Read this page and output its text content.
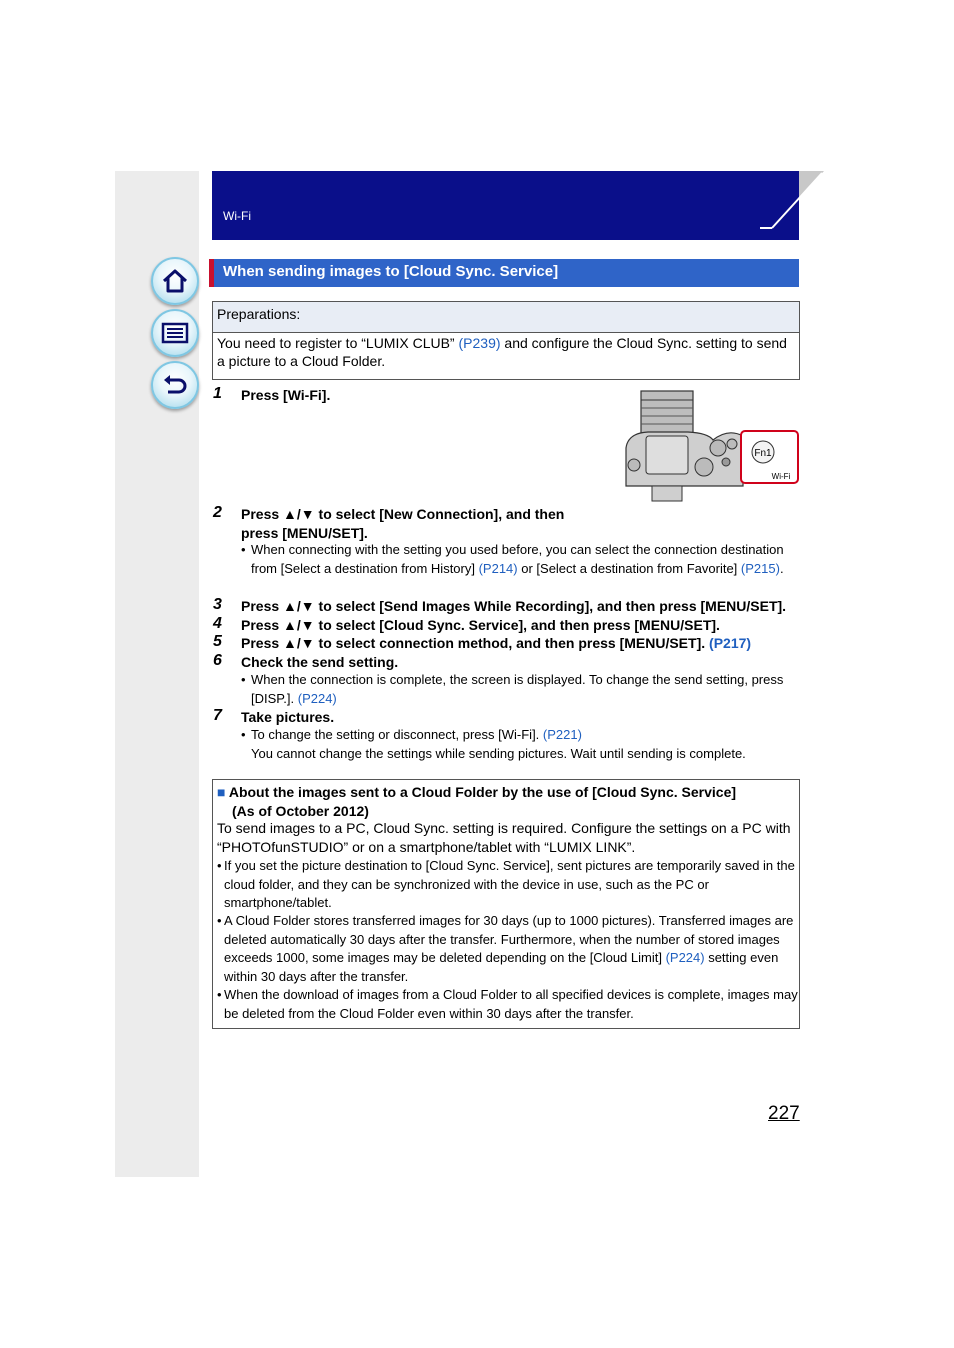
Wi-Fi
When sending images to [Cloud Sync. Service]
Preparations:
You need to register to “LUMIX CLUB” (P239) and configure the Cloud Sync. setting to send a picture to a Cloud Folder.
1 Press [Wi-Fi].
Fn1
Wi-Fi
2 Press ▲/▼ to select [New Connection], and then
press [MENU/SET].
• When connecting with the setting you used before, you can select the connection destination from [Select a destination from History] (P214) or [Select a destination from Favorite] (P215).
3 Press ▲/▼ to select [Send Images While Recording], and then press [MENU/SET].
4 Press ▲/▼ to select [Cloud Sync. Service], and then press [MENU/SET].
5 Press ▲/▼ to select connection method, and then press [MENU/SET]. (P217)
6 Check the send setting.
• When the connection is complete, the screen is displayed. To change the send setting, press [DISP.]. (P224)
7 Take pictures.
• To change the setting or disconnect, press [Wi-Fi]. (P221)
You cannot change the settings while sending pictures. Wait until sending is complete.
■ About the images sent to a Cloud Folder by the use of [Cloud Sync. Service]
(As of October 2012)
To send images to a PC, Cloud Sync. setting is required. Configure the settings on a PC with “PHOTOfunSTUDIO” or on a smartphone/tablet with “LUMIX LINK”.
• If you set the picture destination to [Cloud Sync. Service], sent pictures are temporarily saved in the cloud folder, and they can be synchronized with the device in use, such as the PC or smartphone/tablet.
• A Cloud Folder stores transferred images for 30 days (up to 1000 pictures). Transferred images are deleted automatically 30 days after the transfer. Furthermore, when the number of stored images exceeds 1000, some images may be deleted depending on the [Cloud Limit] (P224) setting even within 30 days after the transfer.
• When the download of images from a Cloud Folder to all specified devices is complete, images may be deleted from the Cloud Folder even within 30 days after the transfer.
227
